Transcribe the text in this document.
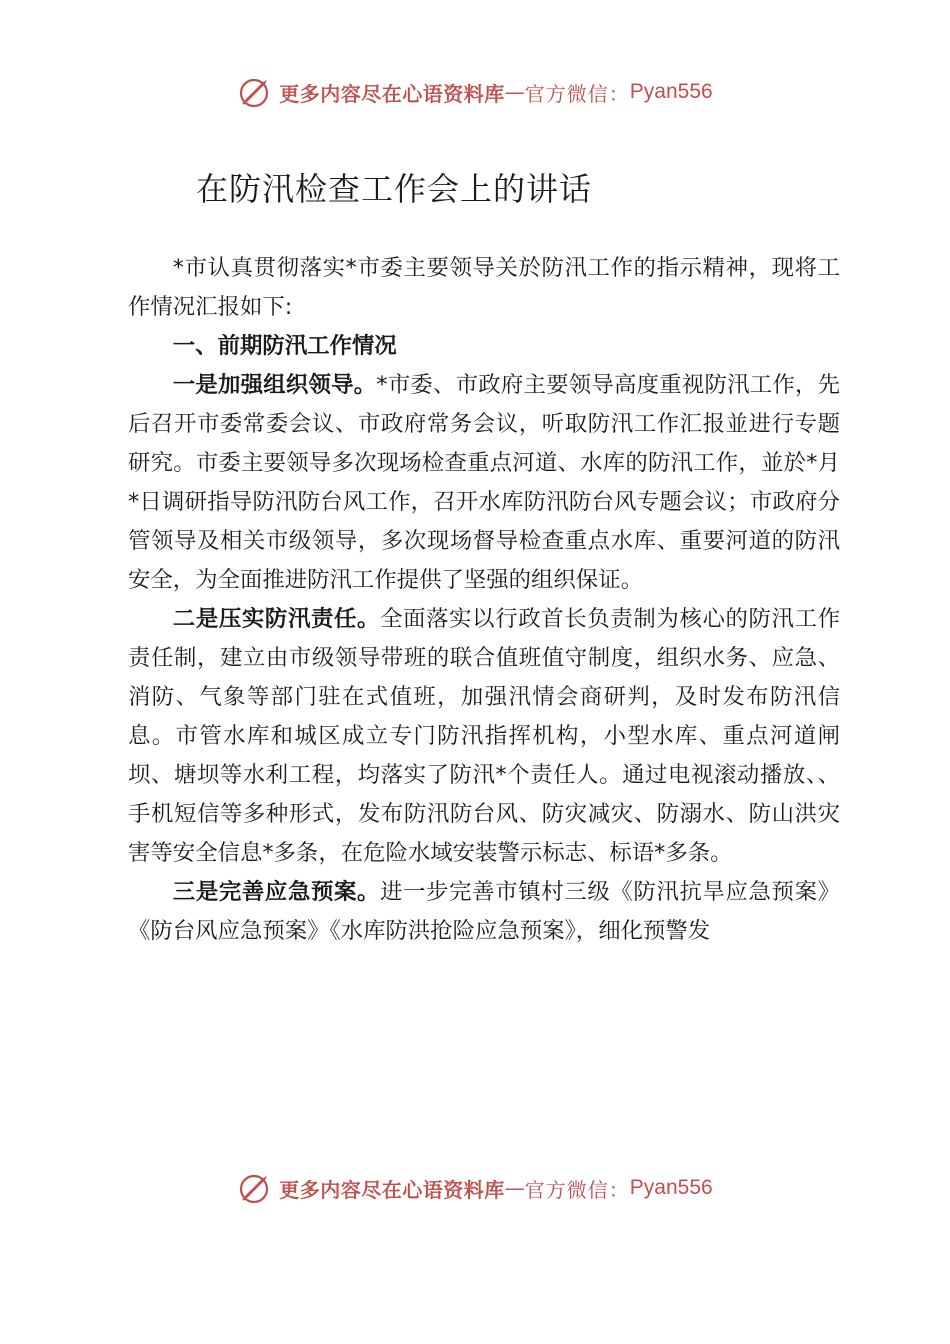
更多内容尽在心语资料库 — 官方微信： Pyan556
在防汛检查工作会上的讲话

*市认真贯彻落实*市委主要领导关於防汛工作的指示精神，现将工作情况汇报如下:

一、前期防汛工作情况

一是加强组织领导。*市委、市政府主要领导高度重视防汛工作，先后召开市委常委会议、市政府常务会议，听取防汛工作汇报並进行专题研究。市委主要领导多次现场检查重点河道、水库的防汛工作，並於*月*日调研指导防汛防台风工作，召开水库防汛防台风专题会议；市政府分管领导及相关市级领导，多次现场督导检查重点水库、重要河道的防汛安全，为全面推进防汛工作提供了坚强的组织保证。

二是压实防汛责任。全面落实以行政首长负责制为核心的防汛工作责任制，建立由市级领导带班的联合值班值守制度，组织水务、应急、消防、气象等部门驻在式值班，加强汛情会商研判，及时发布防汛信息。市管水库和城区成立专门防汛指挥机构，小型水库、重点河道闸坝、塘坝等水利工程，均落实了防汛*个责任人。通过电视滚动播放、、手机短信等多种形式，发布防汛防台风、防灾减灾、防溺水、防山洪灾害等安全信息*多条，在危险水域安装警示标志、标语*多条。

三是完善应急预案。进一步完善市镇村三级《防汛抗旱应急预案》《防台风应急预案》《水库防洪抢险应急预案》，细化预警发

更多内容尽在心语资料库 — 官方微信： Pyan556
